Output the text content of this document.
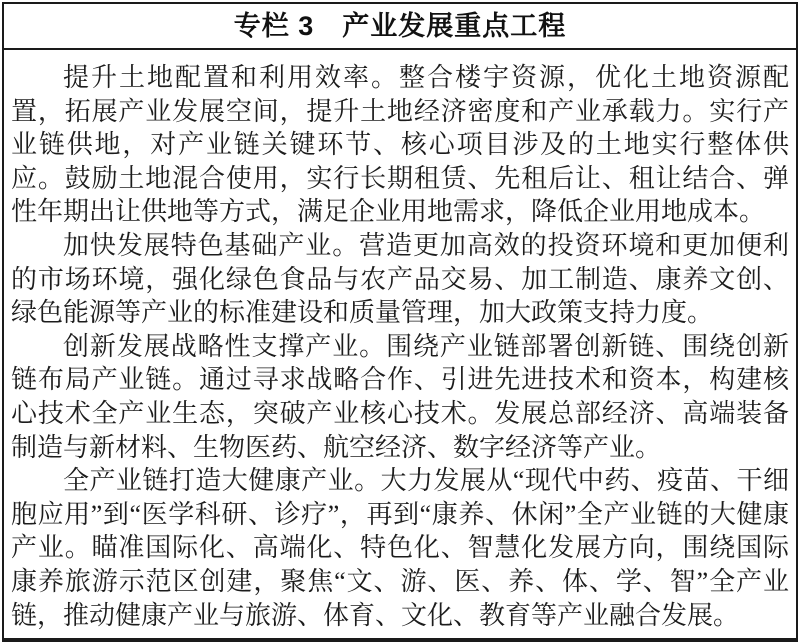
专栏 3　产业发展重点工程

提升土地配置和利用效率。整合楼宇资源，优化土地资源配置，拓展产业发展空间，提升土地经济密度和产业承载力。实行产业链供地，对产业链关键环节、核心项目涉及的土地实行整体供应。鼓励土地混合使用，实行长期租赁、先租后让、租让结合、弹性年期出让供地等方式，满足企业用地需求，降低企业用地成本。

加快发展特色基础产业。营造更加高效的投资环境和更加便利的市场环境，强化绿色食品与农产品交易、加工制造、康养文创、绿色能源等产业的标准建设和质量管理，加大政策支持力度。

创新发展战略性支撑产业。围绕产业链部署创新链、围绕创新链布局产业链。通过寻求战略合作、引进先进技术和资本，构建核心技术全产业生态，突破产业核心技术。发展总部经济、高端装备制造与新材料、生物医药、航空经济、数字经济等产业。

全产业链打造大健康产业。大力发展从“现代中药、疫苗、干细胞应用”到“医学科研、诊疗”，再到“康养、休闲”全产业链的大健康产业。瞄准国际化、高端化、特色化、智慧化发展方向，围绕国际康养旅游示范区创建，聚焦“文、游、医、养、体、学、智”全产业链，推动健康产业与旅游、体育、文化、教育等产业融合发展。
